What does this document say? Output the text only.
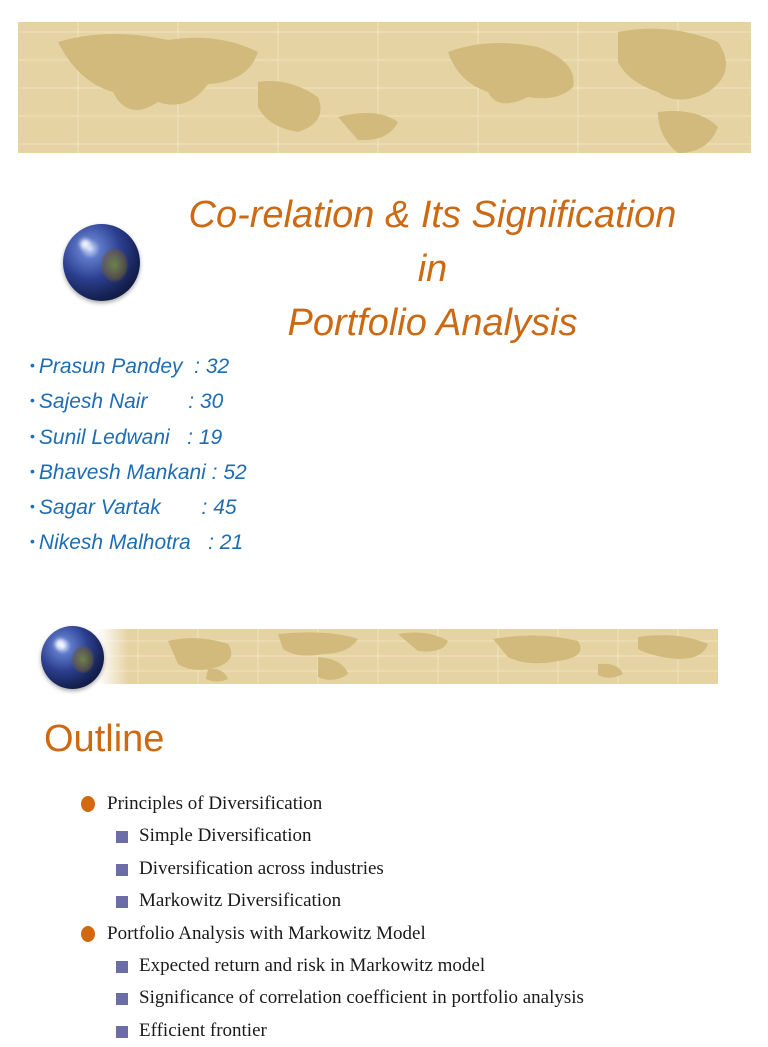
Co-relation & Its Signification
in
Portfolio Analysis
• Prasun Pandey  : 32
• Sajesh Nair       : 30
• Sunil Ledwani   : 19
• Bhavesh Mankani : 52
• Sagar Vartak       : 45
• Nikesh Malhotra   : 21
Outline
Principles of Diversification
Simple Diversification
Diversification across industries
Markowitz Diversification
Portfolio Analysis with Markowitz Model
Expected return and risk in Markowitz model
Significance of correlation coefficient in portfolio analysis
Efficient frontier
